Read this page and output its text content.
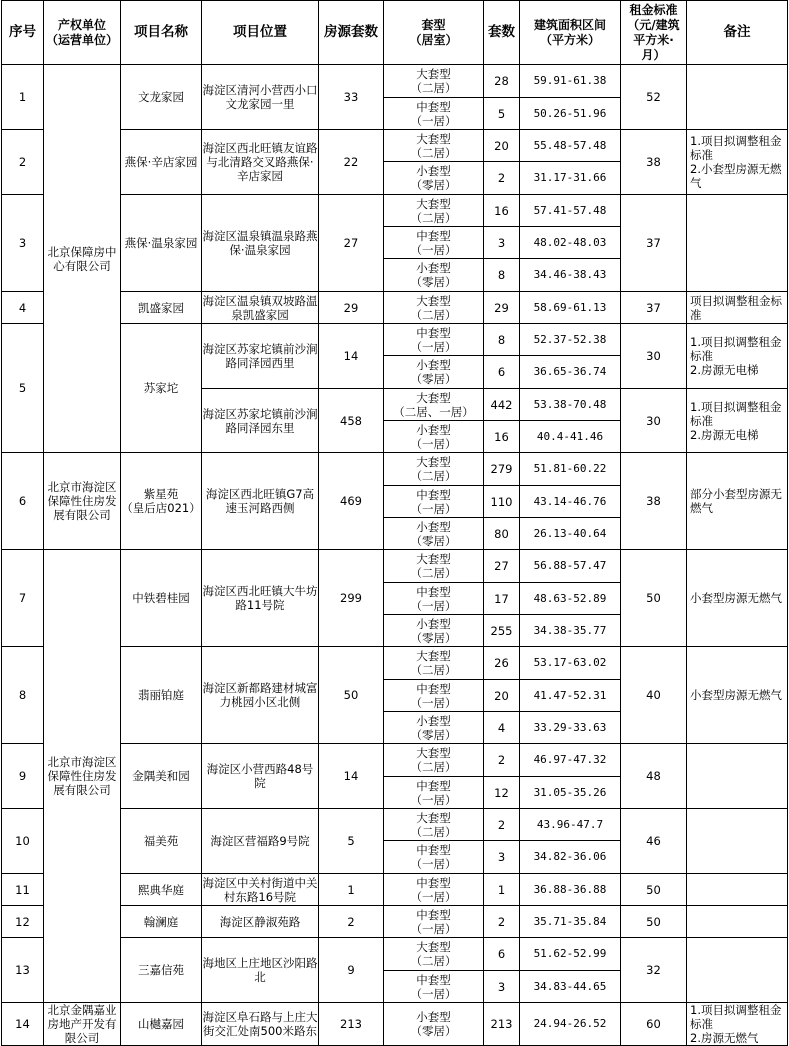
序号	产权单位
（运营单位）	项目名称	项目位置	房源套数	套型
（居室）	套数	建筑面积区间
（平方米）	租金标准
（元/建筑
平方米·
月）	备注
1	北京保障房中心有限公司	文龙家园	海淀区清河小营西小口文龙家园一里	33	大套型
（二居）	28	59.91-61.38	52	
					中套型
（一居）	5	50.26-51.96		
2		燕保·辛店家园	海淀区西北旺镇友谊路与北清路交叉路燕保·辛店家园	22	大套型
（二居）	20	55.48-57.48	38	1.项目拟调整租金标准
2.小套型房源无燃气
					小套型
（零居）	2	31.17-31.66		
3		燕保·温泉家园	海淀区温泉镇温泉路燕保·温泉家园	27	大套型
（二居）	16	57.41-57.48	37	
					中套型
（一居）	3	48.02-48.03		
					小套型
（零居）	8	34.46-38.43		
4		凯盛家园	海淀区温泉镇双坡路温泉凯盛家园	29	大套型
（二居）	29	58.69-61.13	37	项目拟调整租金标准
5		苏家坨	海淀区苏家坨镇前沙涧路同泽园西里	14	中套型
（一居）	8	52.37-52.38	30	1.项目拟调整租金标准
2.房源无电梯
					小套型
（零居）	6	36.65-36.74		
			海淀区苏家坨镇前沙涧路同泽园东里	458	大套型
（二居、一居）	442	53.38-70.48	30	1.项目拟调整租金标准
2.房源无电梯
					小套型
（一居）	16	40.4-41.46		
6	北京市海淀区保障性住房发展有限公司	紫星苑
（皇后店021）	海淀区西北旺镇G7高速玉河路西侧	469	大套型
（二居）	279	51.81-60.22	38	部分小套型房源无燃气
					中套型
（一居）	110	43.14-46.76		
					小套型
（零居）	80	26.13-40.64		
7	北京市海淀区保障性住房发展有限公司	中铁碧桂园	海淀区西北旺镇大牛坊路11号院	299	大套型
（二居）	27	56.88-57.47	50	小套型房源无燃气
					中套型
（一居）	17	48.63-52.89		
					小套型
（零居）	255	34.38-35.77		
8		翡丽铂庭	海淀区新都路建材城富力桃园小区北侧	50	大套型
（二居）	26	53.17-63.02	40	小套型房源无燃气
					中套型
（一居）	20	41.47-52.31		
					小套型
（零居）	4	33.29-33.63		
9		金隅美和园	海淀区小营西路48号院	14	大套型
（二居）	2	46.97-47.32	48	
					中套型
（一居）	12	31.05-35.26		
10		福美苑	海淀区营福路9号院	5	大套型
（二居）	2	43.96-47.7	46	
					中套型
（一居）	3	34.82-36.06		
11		熙典华庭	海淀区中关村街道中关村东路16号院	1	中套型
（一居）	1	36.88-36.88	50	
12		翰澜庭	海淀区静淑苑路	2	中套型
（一居）	2	35.71-35.84	50	
13		三嘉信苑	海地区上庄地区沙阳路北	9	大套型
（二居）	6	51.62-52.99	32	
					中套型
（一居）	3	34.83-44.65		
14	北京金隅嘉业房地产开发有限公司	山樾嘉园	海淀区阜石路与上庄大街交汇处南500米路东	213	小套型
（零居）	213	24.94-26.52	60	1.项目拟调整租金标准
2.房源无燃气
